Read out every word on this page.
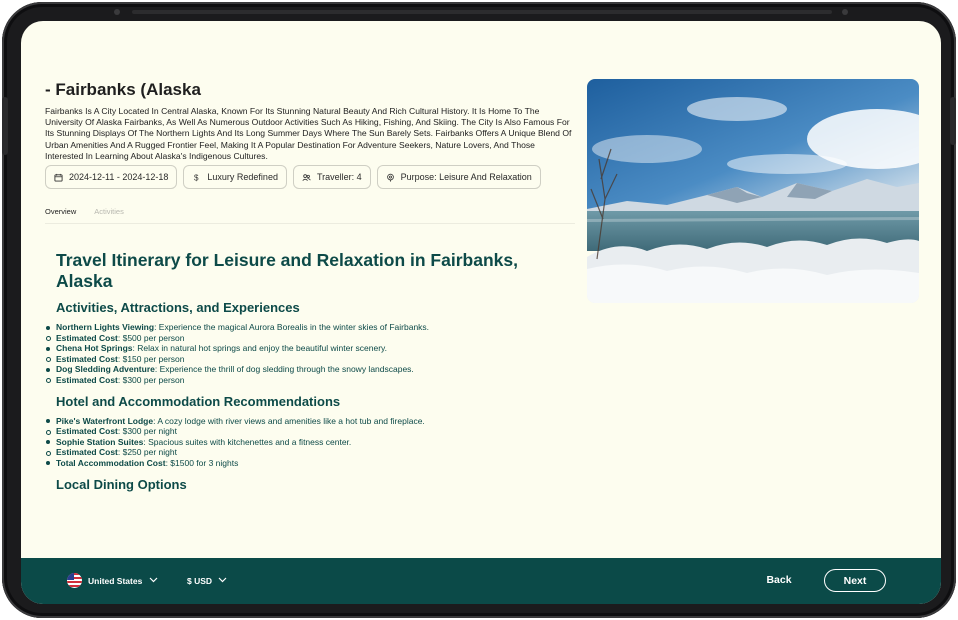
- Fairbanks (Alaska

Fairbanks Is A City Located In Central Alaska, Known For Its Stunning Natural Beauty And Rich Cultural History. It Is Home To The University Of Alaska Fairbanks, As Well As Numerous Outdoor Activities Such As Hiking, Fishing, And Skiing. The City Is Also Famous For Its Stunning Displays Of The Northern Lights And Its Long Summer Days Where The Sun Barely Sets. Fairbanks Offers A Unique Blend Of Urban Amenities And A Rugged Frontier Feel, Making It A Popular Destination For Adventure Seekers, Nature Lovers, And Those Interested In Learning About Alaska's Indigenous Cultures.

2024-12-11 - 2024-12-18	$ Luxury Redefined	Traveller: 4	Purpose: Leisure And Relaxation
Overview Activities
Travel Itinerary for Leisure and Relaxation in Fairbanks, Alaska
Activities, Attractions, and Experiences
Northern Lights Viewing: Experience the magical Aurora Borealis in the winter skies of Fairbanks.
Estimated Cost: $500 per person
Chena Hot Springs: Relax in natural hot springs and enjoy the beautiful winter scenery.
Estimated Cost: $150 per person
Dog Sledding Adventure: Experience the thrill of dog sledding through the snowy landscapes.
Estimated Cost: $300 per person
Hotel and Accommodation Recommendations
Pike's Waterfront Lodge: A cozy lodge with river views and amenities like a hot tub and fireplace.
Estimated Cost: $300 per night
Sophie Station Suites: Spacious suites with kitchenettes and a fitness center.
Estimated Cost: $250 per night
Total Accommodation Cost: $1500 for 3 nights
Local Dining Options
United States	$ USD	Back	Next
